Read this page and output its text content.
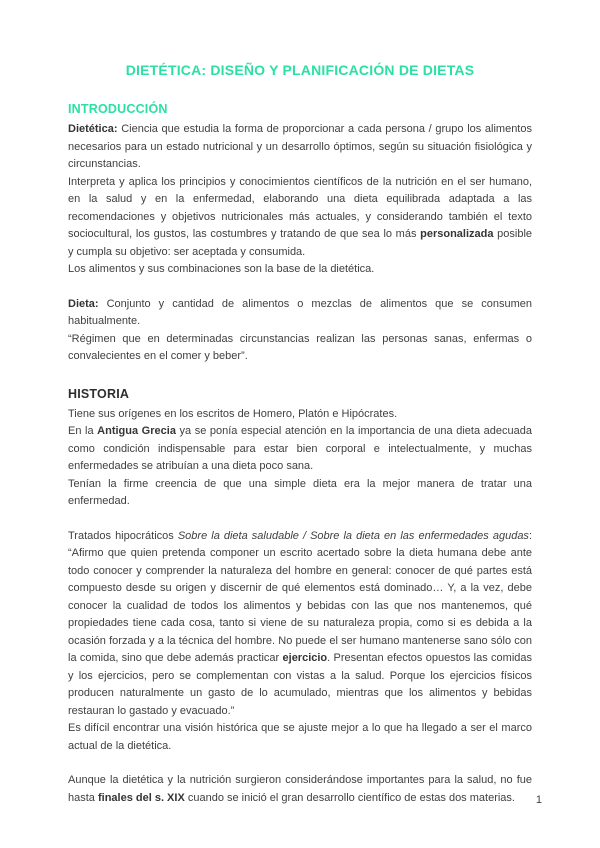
DIETÉTICA: DISEÑO Y PLANIFICACIÓN DE DIETAS
INTRODUCCIÓN

Dietética: Ciencia que estudia la forma de proporcionar a cada persona / grupo los alimentos necesarios para un estado nutricional y un desarrollo óptimos, según su situación fisiológica y circunstancias.

Interpreta y aplica los principios y conocimientos científicos de la nutrición en el ser humano, en la salud y en la enfermedad, elaborando una dieta equilibrada adaptada a las recomendaciones y objetivos nutricionales más actuales, y considerando también el texto sociocultural, los gustos, las costumbres y tratando de que sea lo más personalizada posible y cumpla su objetivo: ser aceptada y consumida.

Los alimentos y sus combinaciones son la base de la dietética.

Dieta: Conjunto y cantidad de alimentos o mezclas de alimentos que se consumen habitualmente.

“Régimen que en determinadas circunstancias realizan las personas sanas, enfermas o convalecientes en el comer y beber”.

HISTORIA

Tiene sus orígenes en los escritos de Homero, Platón e Hipócrates.

En la Antigua Grecia ya se ponía especial atención en la importancia de una dieta adecuada como condición indispensable para estar bien corporal e intelectualmente, y muchas enfermedades se atribuían a una dieta poco sana.

Tenían la firme creencia de que una simple dieta era la mejor manera de tratar una enfermedad.

Tratados hipocráticos Sobre la dieta saludable / Sobre la dieta en las enfermedades agudas: “Afirmo que quien pretenda componer un escrito acertado sobre la dieta humana debe ante todo conocer y comprender la naturaleza del hombre en general: conocer de qué partes está compuesto desde su origen y discernir de qué elementos está dominado… Y, a la vez, debe conocer la cualidad de todos los alimentos y bebidas con las que nos mantenemos, qué propiedades tiene cada cosa, tanto si viene de su naturaleza propia, como si es debida a la ocasión forzada y a la técnica del hombre. No puede el ser humano mantenerse sano sólo con la comida, sino que debe además practicar ejercicio. Presentan efectos opuestos las comidas y los ejercicios, pero se complementan con vistas a la salud. Porque los ejercicios físicos producen naturalmente un gasto de lo acumulado, mientras que los alimentos y bebidas restauran lo gastado y evacuado.”

Es difícil encontrar una visión histórica que se ajuste mejor a lo que ha llegado a ser el marco actual de la dietética.

Aunque la dietética y la nutrición surgieron considerándose importantes para la salud, no fue hasta finales del s. XIX cuando se inició el gran desarrollo científico de estas dos materias.	1
